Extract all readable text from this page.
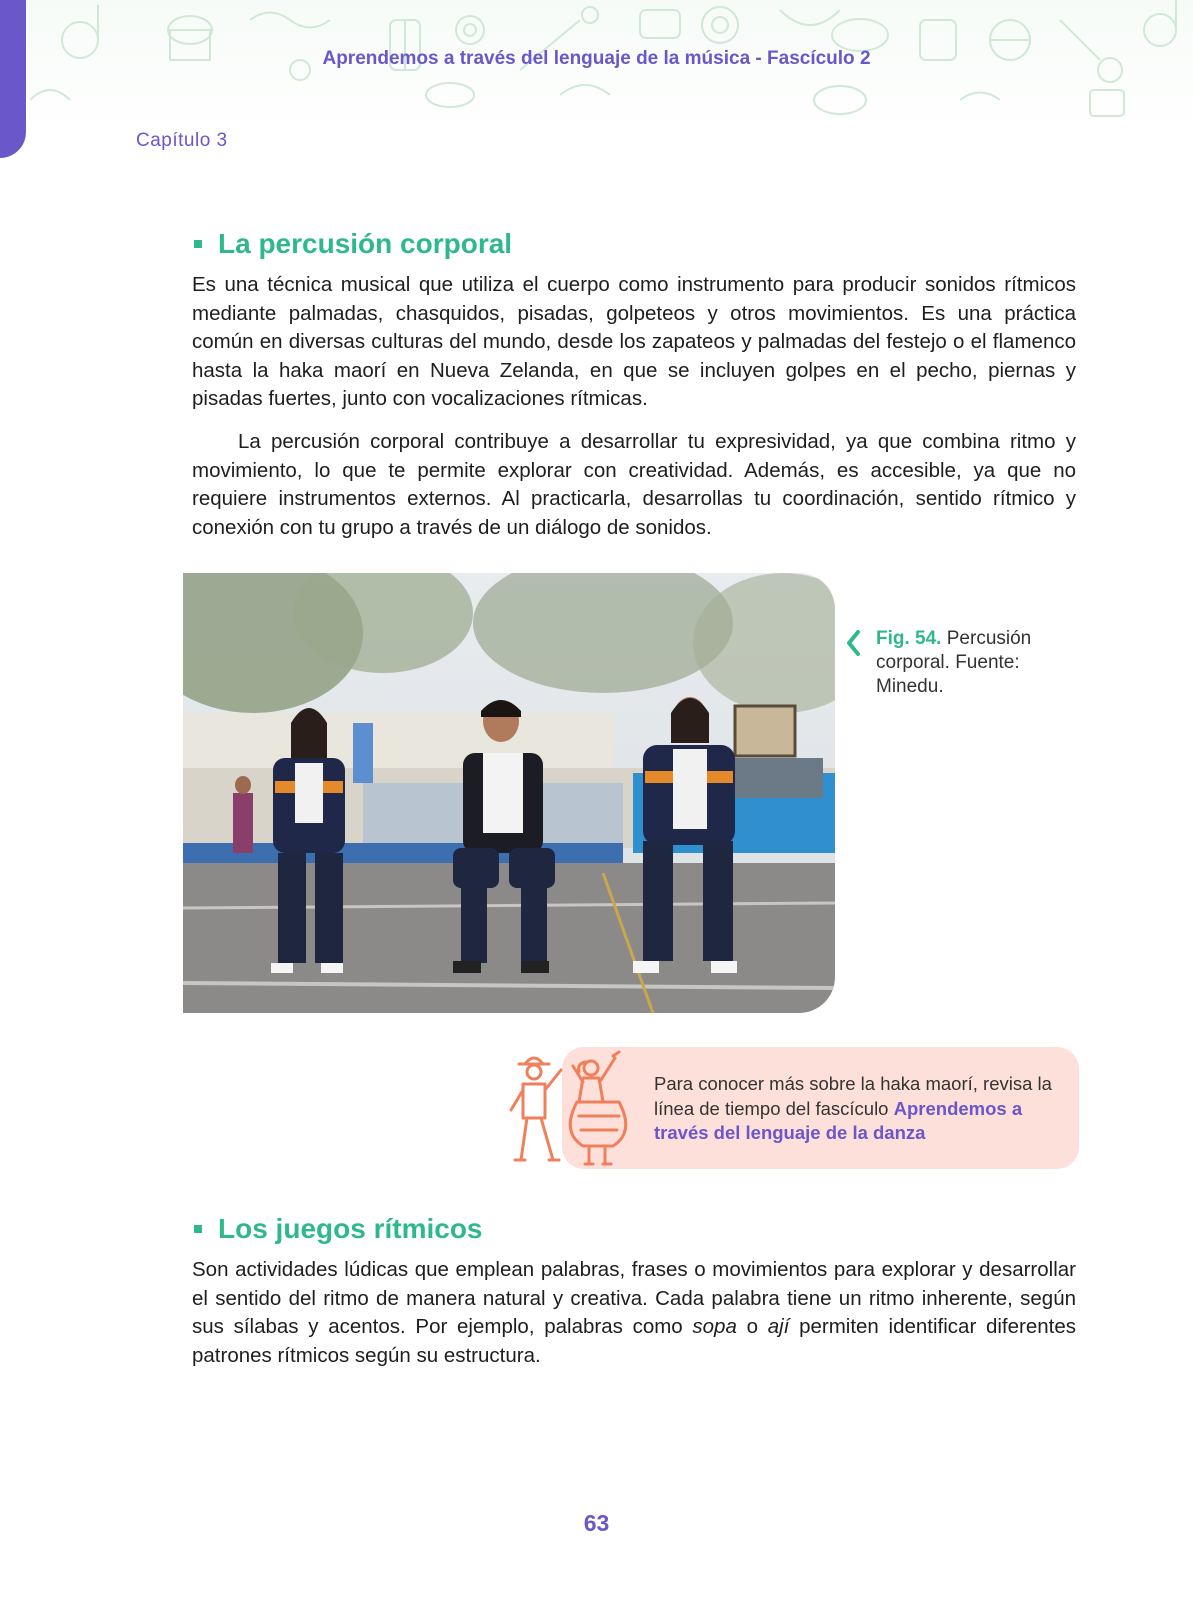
Aprendemos a través del lenguaje de la música - Fascículo 2
Capítulo 3
La percusión corporal

Es una técnica musical que utiliza el cuerpo como instrumento para producir sonidos rítmicos mediante palmadas, chasquidos, pisadas, golpeteos y otros movimientos. Es una práctica común en diversas culturas del mundo, desde los zapateos y palmadas del festejo o el flamenco hasta la haka maorí en Nueva Zelanda, en que se incluyen golpes en el pecho, piernas y pisadas fuertes, junto con vocalizaciones rítmicas.

La percusión corporal contribuye a desarrollar tu expresividad, ya que combina ritmo y movimiento, lo que te permite explorar con creatividad. Además, es accesible, ya que no requiere instrumentos externos. Al practicarla, desarrollas tu coordinación, sentido rítmico y conexión con tu grupo a través de un diálogo de sonidos.

Fig. 54. Percusión corporal. Fuente: Minedu.
Para conocer más sobre la haka maorí, revisa la línea de tiempo del fascículo Aprendemos a través del lenguaje de la danza
Los juegos rítmicos

Son actividades lúdicas que emplean palabras, frases o movimientos para explorar y desarrollar el sentido del ritmo de manera natural y creativa. Cada palabra tiene un ritmo inherente, según sus sílabas y acentos. Por ejemplo, palabras como sopa o ají permiten identificar diferentes patrones rítmicos según su estructura.

63
